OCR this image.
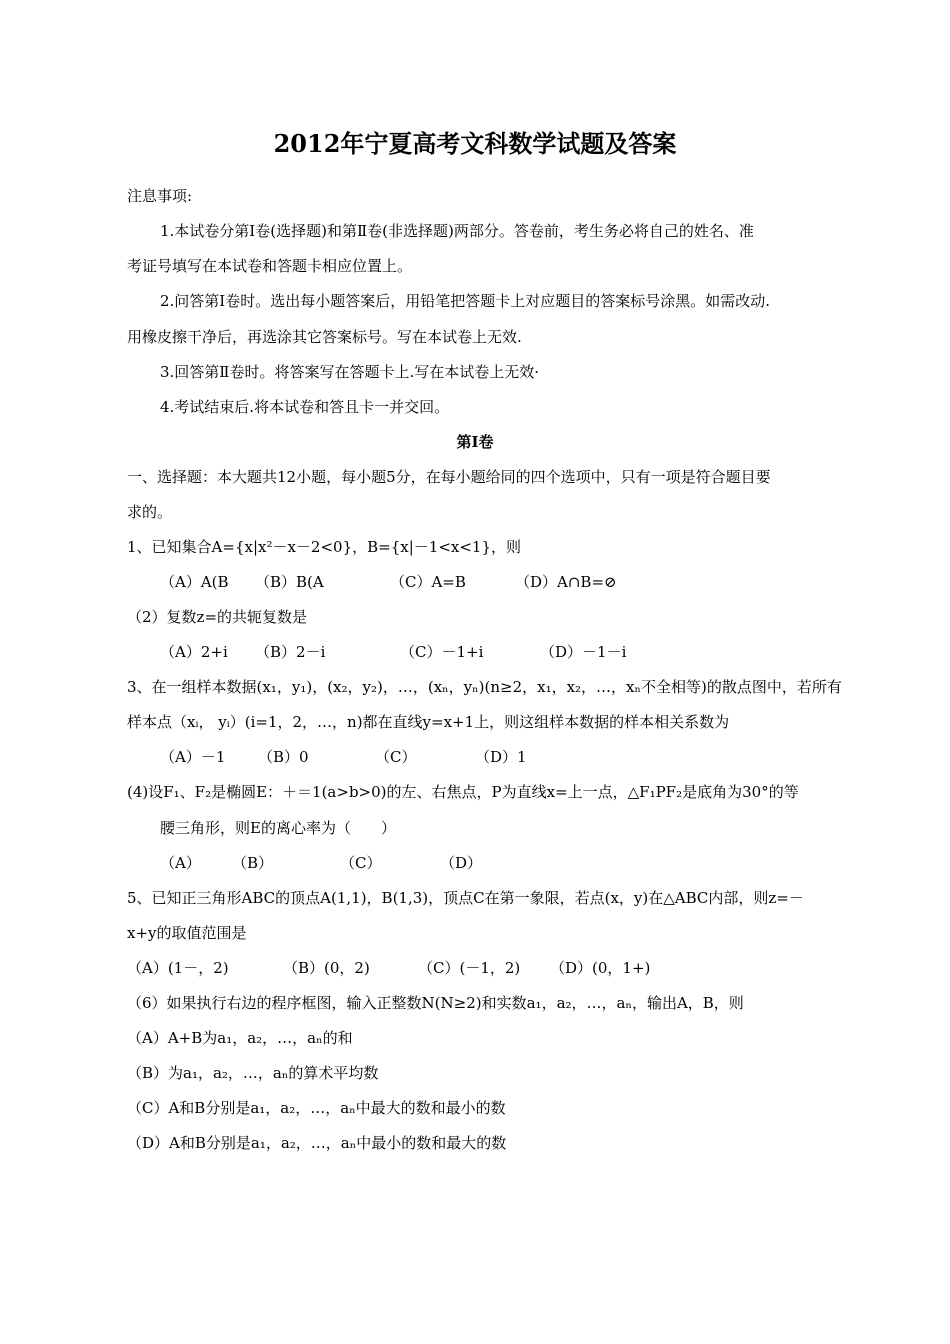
2012年宁夏高考文科数学试题及答案
注息事项:
1.本试卷分第Ⅰ卷(选择题)和第Ⅱ卷(非选择题)两部分。答卷前，考生务必将自己的姓名、准
考证号填写在本试卷和答题卡相应位置上。
2.问答第Ⅰ卷时。选出每小题答案后，用铅笔把答题卡上对应题目的答案标号涂黑。如需改动.
用橡皮擦干净后，再选涂其它答案标号。写在本试卷上无效.
3.回答第Ⅱ卷时。将答案写在答题卡上.写在本试卷上无效·
4.考试结束后.将本试卷和答且卡一并交回。
第Ⅰ卷
一、选择题：本大题共12小题，每小题5分，在每小题给同的四个选项中，只有一项是符合题目要
求的。
1、已知集合A={x|x²－x－2<0}，B={x|－1<x<1}，则
（A）A(B （B）B(A	（C）A=B	（D）A∩B=⊘
（2）复数z=的共轭复数是
（A）2+i （B）2－i	（C）－1+i	（D）－1－i
3、在一组样本数据(x₁，y₁)，(x₂，y₂)，…，(xₙ，yₙ)(n≥2，x₁，x₂，…，xₙ不全相等)的散点图中，若所有
样本点（xᵢ， yᵢ）(i=1，2，…，n)都在直线y=x+1上，则这组样本数据的样本相关系数为
（A）－1 （B）0	（C）	（D）1
(4)设F₁、F₂是椭圆E：＋＝1(a>b>0)的左、右焦点，P为直线x=上一点，△F₁PF₂是底角为30°的等
腰三角形，则E的离心率为（　　）
（A） （B）	（C）	（D）
5、已知正三角形ABC的顶点A(1,1)，B(1,3)，顶点C在第一象限，若点(x，y)在△ABC内部，则z=－
x+y的取值范围是
（A）(1－，2)	（B）(0，2)	（C）(－1，2) （D）(0，1+)
（6）如果执行右边的程序框图，输入正整数N(N≥2)和实数a₁，a₂，…，aₙ，输出A，B，则
（A）A+B为a₁，a₂，…，aₙ的和
（B）为a₁，a₂，…，aₙ的算术平均数
（C）A和B分别是a₁，a₂，…，aₙ中最大的数和最小的数
（D）A和B分别是a₁，a₂，…，aₙ中最小的数和最大的数
